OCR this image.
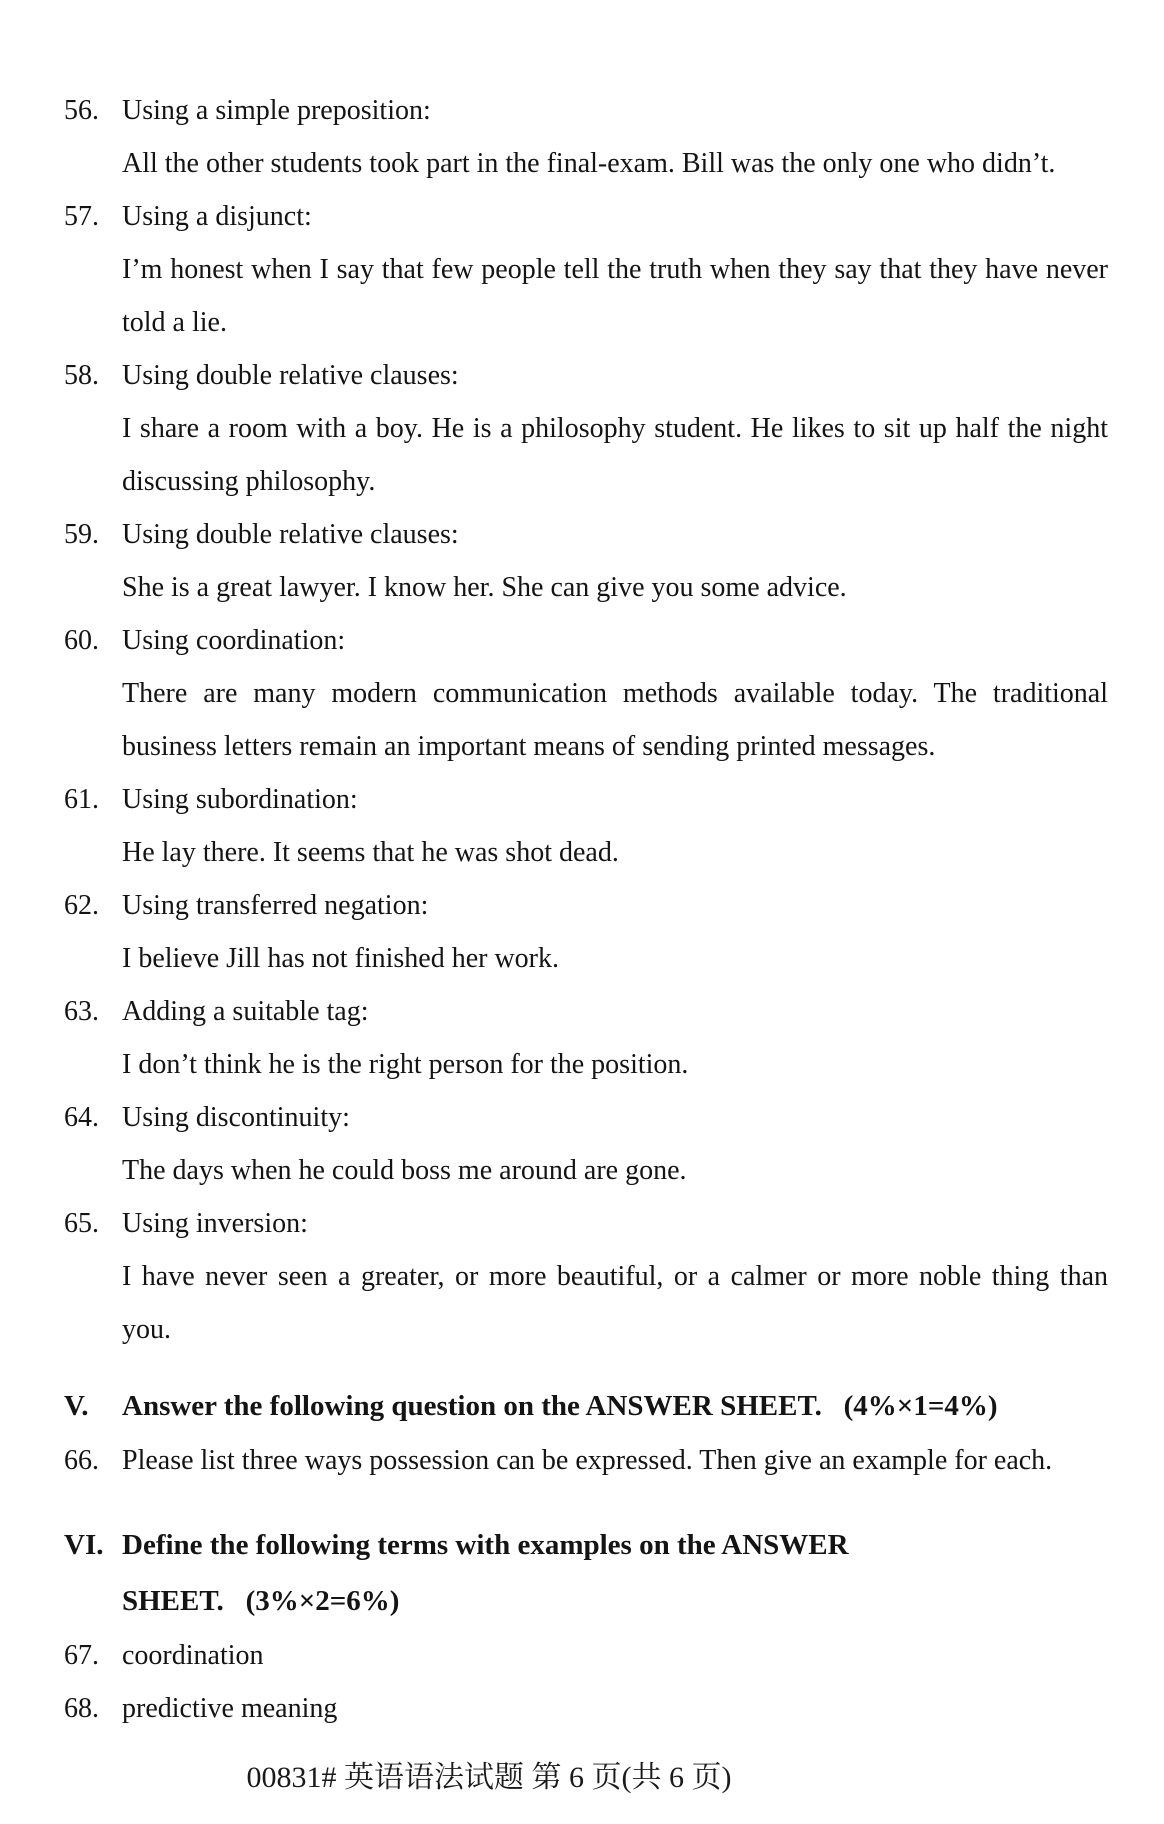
56. Using a simple preposition:

All the other students took part in the final-exam. Bill was the only one who didn’t.

57. Using a disjunct:

I’m honest when I say that few people tell the truth when they say that they have never told a lie.

58. Using double relative clauses:

I share a room with a boy. He is a philosophy student. He likes to sit up half the night discussing philosophy.

59. Using double relative clauses:

She is a great lawyer. I know her. She can give you some advice.

60. Using coordination:

There are many modern communication methods available today. The traditional business letters remain an important means of sending printed messages.

61. Using subordination:

He lay there. It seems that he was shot dead.

62. Using transferred negation:

I believe Jill has not finished her work.

63. Adding a suitable tag:

I don’t think he is the right person for the position.

64. Using discontinuity:

The days when he could boss me around are gone.

65. Using inversion:

I have never seen a greater, or more beautiful, or a calmer or more noble thing than you.

V.	Answer the following question on the ANSWER SHEET. (4%×1=4%)
66. Please list three ways possession can be expressed. Then give an example for each.
VI. Define the following terms with examples on the ANSWER SHEET. (3%×2=6%)
67. coordination
68. predictive meaning
00831# 英语语法试题 第 6 页(共 6 页)
